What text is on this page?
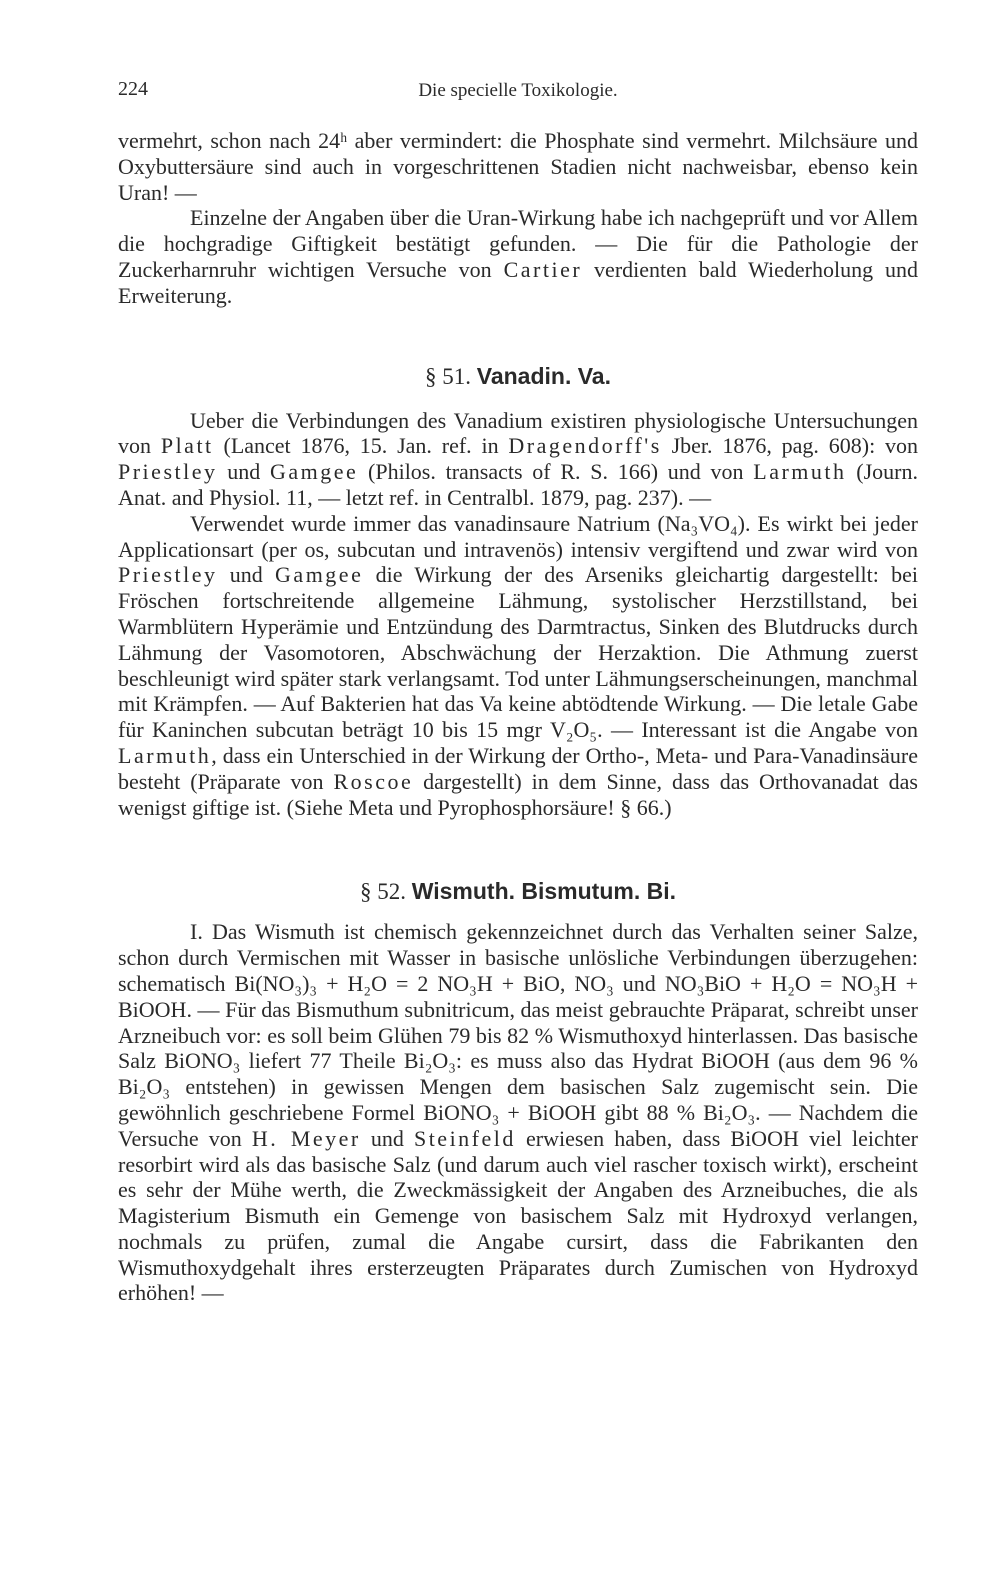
224	Die specielle Toxikologie.

vermehrt, schon nach 24ʰ aber vermindert: die Phosphate sind vermehrt. Milchsäure und Oxybuttersäure sind auch in vorgeschrittenen Stadien nicht nachweisbar, ebenso kein Uran! —

Einzelne der Angaben über die Uran-Wirkung habe ich nachgeprüft und vor Allem die hochgradige Giftigkeit bestätigt gefunden. — Die für die Pathologie der Zuckerharnruhr wichtigen Versuche von Cartier verdienten bald Wiederholung und Erweiterung.

§ 51. Vanadin. Va.

Ueber die Verbindungen des Vanadium existiren physiologische Untersuchungen von Platt (Lancet 1876, 15. Jan. ref. in Dragendorff's Jber. 1876, pag. 608): von Priestley und Gamgee (Philos. transacts of R. S. 166) und von Larmuth (Journ. Anat. and Physiol. 11, — letzt ref. in Centralbl. 1879, pag. 237). —

Verwendet wurde immer das vanadinsaure Natrium (Na₃VO₄). Es wirkt bei jeder Applicationsart (per os, subcutan und intravenös) intensiv vergiftend und zwar wird von Priestley und Gamgee die Wirkung der des Arseniks gleichartig dargestellt: bei Fröschen fortschreitende allgemeine Lähmung, systolischer Herzstillstand, bei Warmblütern Hyperämie und Entzündung des Darmtractus, Sinken des Blutdrucks durch Lähmung der Vasomotoren, Abschwächung der Herzaktion. Die Athmung zuerst beschleunigt wird später stark verlangsamt. Tod unter Lähmungserscheinungen, manchmal mit Krämpfen. — Auf Bakterien hat das Va keine abtödtende Wirkung. — Die letale Gabe für Kaninchen subcutan beträgt 10 bis 15 mgr V₂O₅. — Interessant ist die Angabe von Larmuth, dass ein Unterschied in der Wirkung der Ortho-, Meta- und Para-Vanadinsäure besteht (Präparate von Roscoe dargestellt) in dem Sinne, dass das Orthovanadat das wenigst giftige ist. (Siehe Meta und Pyrophosphorsäure! § 66.)

§ 52. Wismuth. Bismutum. Bi.

I. Das Wismuth ist chemisch gekennzeichnet durch das Verhalten seiner Salze, schon durch Vermischen mit Wasser in basische unlösliche Verbindungen überzugehen: schematisch Bi(NO₃)₃ + H₂O = 2 NO₃H + BiO, NO₃ und NO₃BiO + H₂O = NO₃H + BiOOH. — Für das Bismuthum subnitricum, das meist gebrauchte Präparat, schreibt unser Arzneibuch vor: es soll beim Glühen 79 bis 82 % Wismuthoxyd hinterlassen. Das basische Salz BiONO₃ liefert 77 Theile Bi₂O₃: es muss also das Hydrat BiOOH (aus dem 96 % Bi₂O₃ entstehen) in gewissen Mengen dem basischen Salz zugemischt sein. Die gewöhnlich geschriebene Formel BiONO₃ + BiOOH gibt 88 % Bi₂O₃. — Nachdem die Versuche von H. Meyer und Steinfeld erwiesen haben, dass BiOOH viel leichter resorbirt wird als das basische Salz (und darum auch viel rascher toxisch wirkt), erscheint es sehr der Mühe werth, die Zweckmässigkeit der Angaben des Arzneibuches, die als Magisterium Bismuth ein Gemenge von basischem Salz mit Hydroxyd verlangen, nochmals zu prüfen, zumal die Angabe cursirt, dass die Fabrikanten den Wismuthoxydgehalt ihres ersterzeugten Präparates durch Zumischen von Hydroxyd erhöhen! —
